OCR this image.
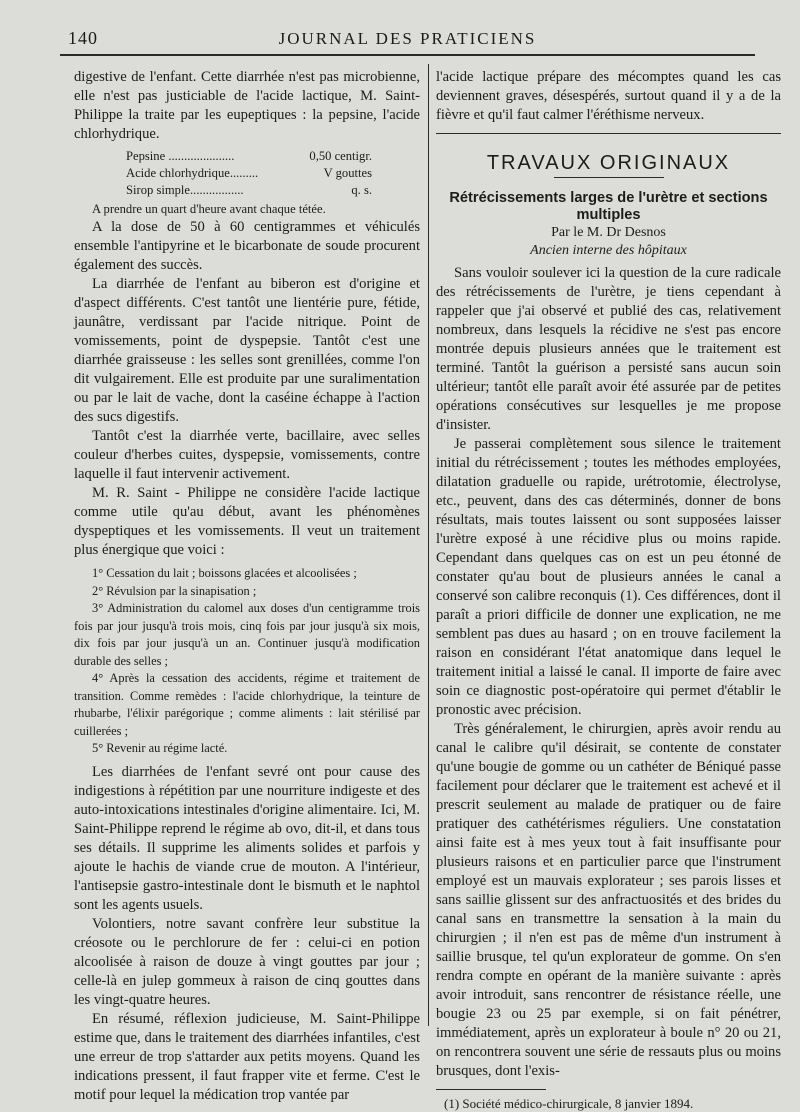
140	JOURNAL DES PRATICIENS

digestive de l'enfant. Cette diarrhée n'est pas microbienne, elle n'est pas justiciable de l'acide lactique, M. Saint-Philippe la traite par les eupeptiques : la pepsine, l'acide chlorhydrique.

Pepsine .....................	0,50 centigr.
Acide chlorhydrique.........	V gouttes
Sirop simple.................	q. s.

A prendre un quart d'heure avant chaque tétée.

A la dose de 50 à 60 centigrammes et véhiculés ensemble l'antipyrine et le bicarbonate de soude procurent également des succès.

La diarrhée de l'enfant au biberon est d'origine et d'aspect différents. C'est tantôt une lientérie pure, fétide, jaunâtre, verdissant par l'acide nitrique. Point de vomissements, point de dyspepsie. Tantôt c'est une diarrhée graisseuse : les selles sont grenillées, comme l'on dit vulgairement. Elle est produite par une suralimentation ou par le lait de vache, dont la caséine échappe à l'action des sucs digestifs.

Tantôt c'est la diarrhée verte, bacillaire, avec selles couleur d'herbes cuites, dyspepsie, vomissements, contre laquelle il faut intervenir activement.

M. R. Saint - Philippe ne considère l'acide lactique comme utile qu'au début, avant les phénomènes dyspeptiques et les vomissements. Il veut un traitement plus énergique que voici :

1° Cessation du lait ; boissons glacées et alcoolisées ;

2° Révulsion par la sinapisation ;

3° Administration du calomel aux doses d'un centigramme trois fois par jour jusqu'à trois mois, cinq fois par jour jusqu'à six mois, dix fois par jour jusqu'à un an. Continuer jusqu'à modification durable des selles ;

4° Après la cessation des accidents, régime et traitement de transition. Comme remèdes : l'acide chlorhydrique, la teinture de rhubarbe, l'élixir parégorique ; comme aliments : lait stérilisé par cuillerées ;

5° Revenir au régime lacté.

Les diarrhées de l'enfant sevré ont pour cause des indigestions à répétition par une nourriture indigeste et des auto-intoxications intestinales d'origine alimentaire. Ici, M. Saint-Philippe reprend le régime ab ovo, dit-il, et dans tous ses détails. Il supprime les aliments solides et parfois y ajoute le hachis de viande crue de mouton. A l'intérieur, l'antisepsie gastro-intestinale dont le bismuth et le naphtol sont les agents usuels.

Volontiers, notre savant confrère leur substitue la créosote ou le perchlorure de fer : celui-ci en potion alcoolisée à raison de douze à vingt gouttes par jour ; celle-là en julep gommeux à raison de cinq gouttes dans les vingt-quatre heures.

En résumé, réflexion judicieuse, M. Saint-Philippe estime que, dans le traitement des diarrhées infantiles, c'est une erreur de trop s'attarder aux petits moyens. Quand les indications pressent, il faut frapper vite et ferme. C'est le motif pour lequel la médication trop vantée par

l'acide lactique prépare des mécomptes quand les cas deviennent graves, désespérés, surtout quand il y a de la fièvre et qu'il faut calmer l'éréthisme nerveux.

TRAVAUX ORIGINAUX
Rétrécissements larges de l'urètre et sections multiples
Par le M. Dr Desnos
Ancien interne des hôpitaux

Sans vouloir soulever ici la question de la cure radicale des rétrécissements de l'urètre, je tiens cependant à rappeler que j'ai observé et publié des cas, relativement nombreux, dans lesquels la récidive ne s'est pas encore montrée depuis plusieurs années que le traitement est terminé. Tantôt la guérison a persisté sans aucun soin ultérieur; tantôt elle paraît avoir été assurée par de petites opérations consécutives sur lesquelles je me propose d'insister.

Je passerai complètement sous silence le traitement initial du rétrécissement ; toutes les méthodes employées, dilatation graduelle ou rapide, urétrotomie, électrolyse, etc., peuvent, dans des cas déterminés, donner de bons résultats, mais toutes laissent ou sont supposées laisser l'urètre exposé à une récidive plus ou moins rapide. Cependant dans quelques cas on est un peu étonné de constater qu'au bout de plusieurs années le canal a conservé son calibre reconquis (1). Ces différences, dont il paraît a priori difficile de donner une explication, ne me semblent pas dues au hasard ; on en trouve facilement la raison en considérant l'état anatomique dans lequel le traitement initial a laissé le canal. Il importe de faire avec soin ce diagnostic post-opératoire qui permet d'établir le pronostic avec précision.

Très généralement, le chirurgien, après avoir rendu au canal le calibre qu'il désirait, se contente de constater qu'une bougie de gomme ou un cathéter de Béniqué passe facilement pour déclarer que le traitement est achevé et il prescrit seulement au malade de pratiquer ou de faire pratiquer des cathétérismes réguliers. Une constatation ainsi faite est à mes yeux tout à fait insuffisante pour plusieurs raisons et en particulier parce que l'instrument employé est un mauvais explorateur ; ses parois lisses et sans saillie glissent sur des anfractuosités et des brides du canal sans en transmettre la sensation à la main du chirurgien ; il n'en est pas de même d'un instrument à saillie brusque, tel qu'un explorateur de gomme. On s'en rendra compte en opérant de la manière suivante : après avoir introduit, sans rencontrer de résistance réelle, une bougie 23 ou 25 par exemple, si on fait pénétrer, immédiatement, après un explorateur à boule n° 20 ou 21, on rencontrera souvent une série de ressauts plus ou moins brusques, dont l'exis-

(1) Société médico-chirurgicale, 8 janvier 1894.
